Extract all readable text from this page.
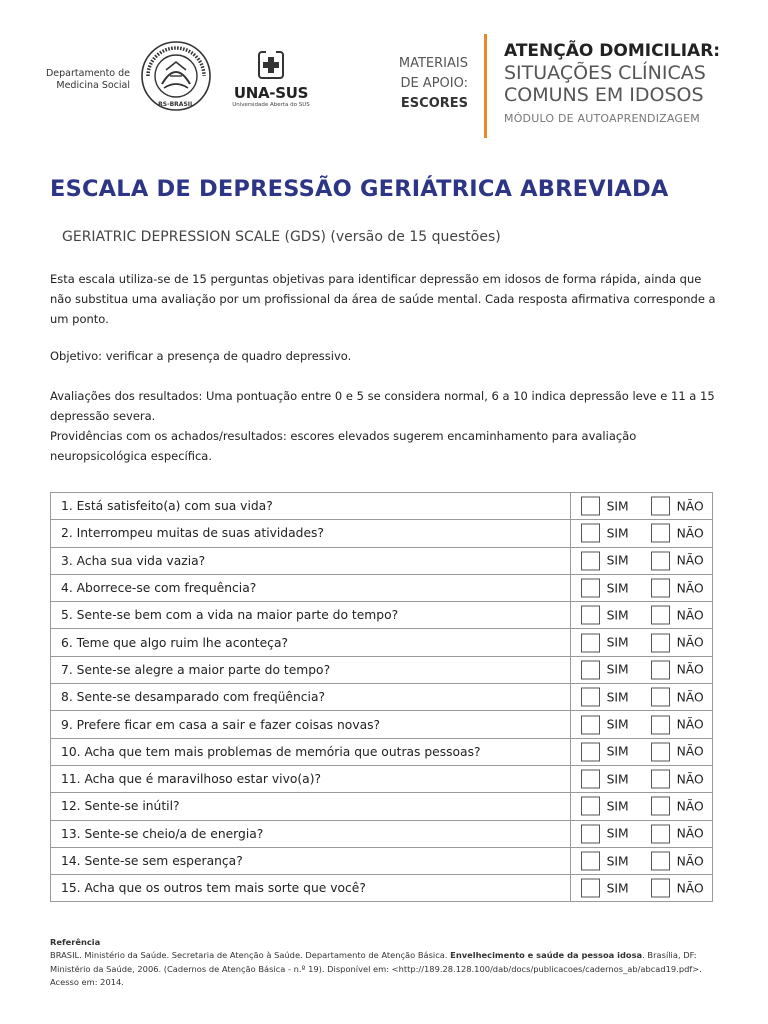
Departamento de Medicina Social
RS-BRASIL
UNA-SUS
Universidade Aberta do SUS
MATERIAIS
DE APOIO:
ESCORES
ATENÇÃO DOMICILIAR:
SITUAÇÕES CLÍNICAS
COMUNS EM IDOSOS
MÓDULO DE AUTOAPRENDIZAGEM
ESCALA DE DEPRESSÃO GERIÁTRICA ABREVIADA
GERIATRIC DEPRESSION SCALE (GDS) (versão de 15 questões)
Esta escala utiliza-se de 15 perguntas objetivas para identificar depressão em idosos de forma rápida, ainda que não substitua uma avaliação por um profissional da área de saúde mental. Cada resposta afirmativa corresponde a um ponto.
Objetivo: verificar a presença de quadro depressivo.
Avaliações dos resultados: Uma pontuação entre 0 e 5 se considera normal, 6 a 10 indica depressão leve e 11 a 15 depressão severa.
Providências com os achados/resultados: escores elevados sugerem encaminhamento para avaliação neuropsicológica específica.
1. Está satisfeito(a) com sua vida?	SIM NÃO

2. Interrompeu muitas de suas atividades?	SIM NÃO

3. Acha sua vida vazia?	SIM NÃO

4. Aborrece-se com frequência?	SIM NÃO

5. Sente-se bem com a vida na maior parte do tempo?	SIM NÃO

6. Teme que algo ruim lhe aconteça?	SIM NÃO

7. Sente-se alegre a maior parte do tempo?	SIM NÃO

8. Sente-se desamparado com freqüência?	SIM NÃO

9. Prefere ficar em casa a sair e fazer coisas novas?	SIM NÃO

10. Acha que tem mais problemas de memória que outras pessoas?	SIM NÃO

11. Acha que é maravilhoso estar vivo(a)?	SIM NÃO

12. Sente-se inútil?	SIM NÃO

13. Sente-se cheio/a de energia?	SIM NÃO

14. Sente-se sem esperança?	SIM NÃO

15. Acha que os outros tem mais sorte que você?	SIM NÃO
Referência
BRASIL. Ministério da Saúde. Secretaria de Atenção à Saúde. Departamento de Atenção Básica. Envelhecimento e saúde da pessoa idosa. Brasília, DF: Ministério da Saúde, 2006. (Cadernos de Atenção Básica - n.º 19). Disponível em: <http://189.28.128.100/dab/docs/publicacoes/cadernos_ab/abcad19.pdf>. Acesso em: 2014.
